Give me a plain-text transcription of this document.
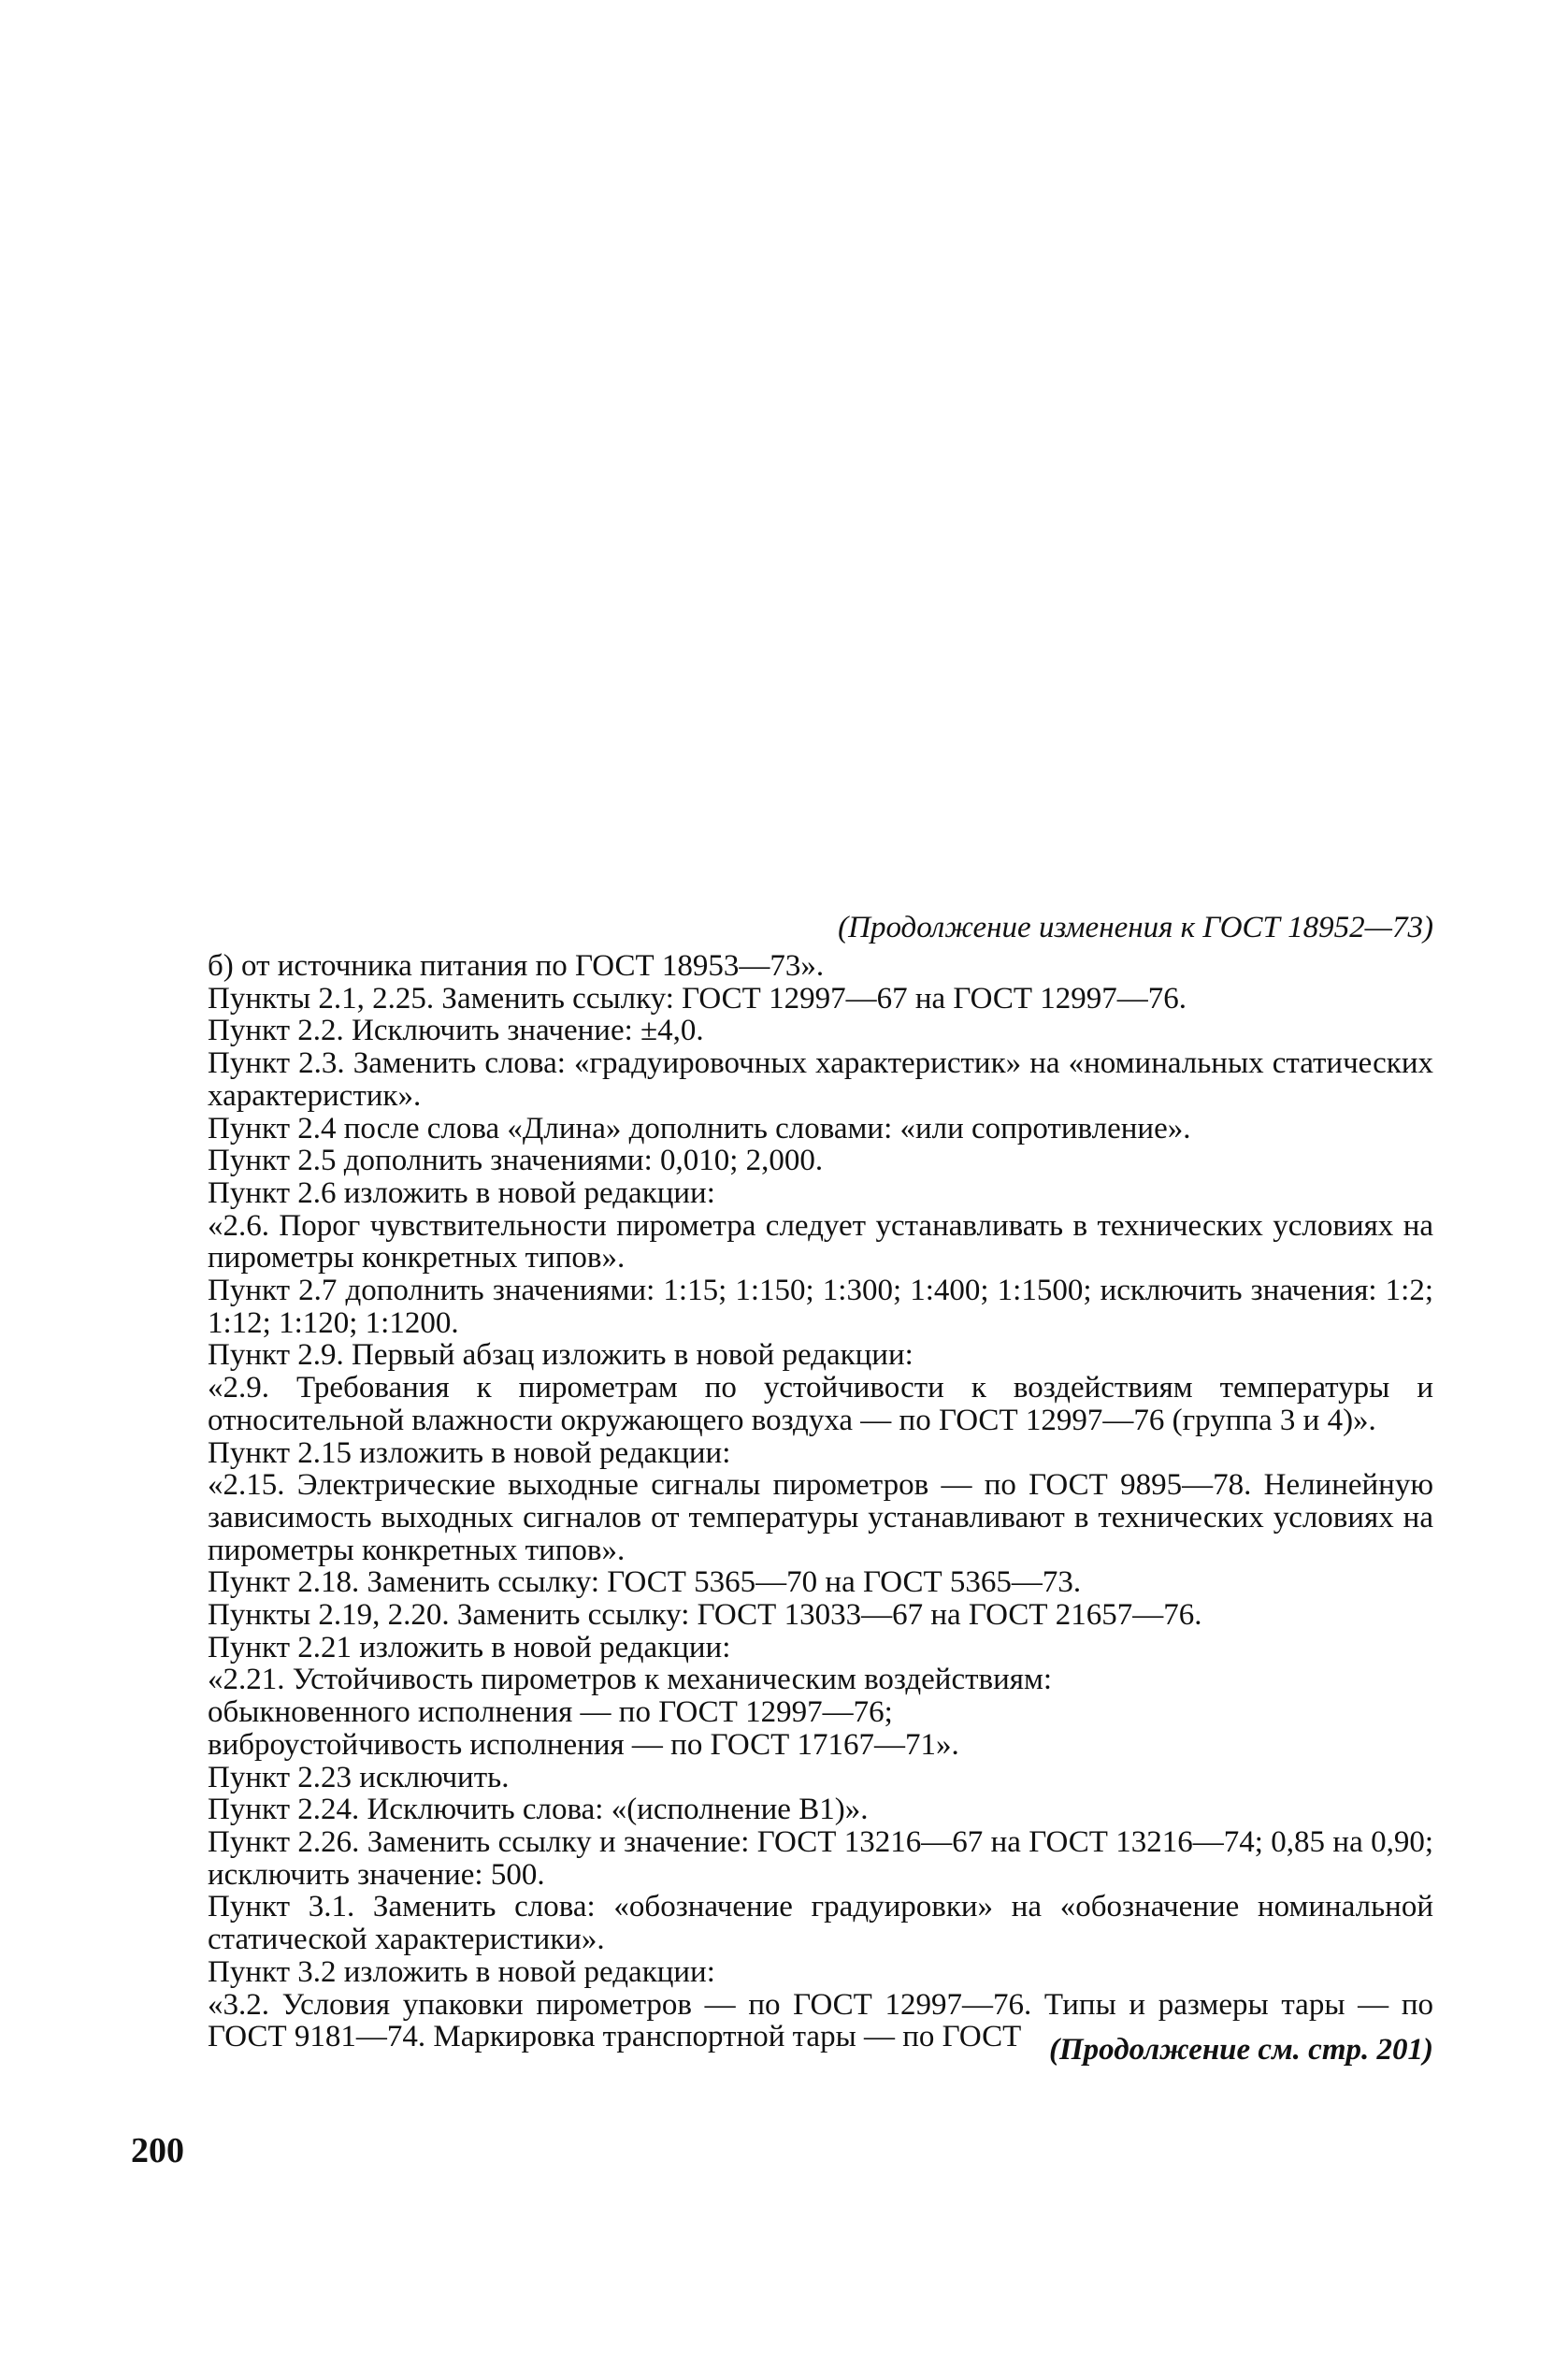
(Продолжение изменения к ГОСТ 18952—73)

б) от источника питания по ГОСТ 18953—73».

Пункты 2.1, 2.25. Заменить ссылку: ГОСТ 12997—67 на ГОСТ 12997—76.

Пункт 2.2. Исключить значение: ±4,0.

Пункт 2.3. Заменить слова: «градуировочных характеристик» на «номинальных статических характеристик».

Пункт 2.4 после слова «Длина» дополнить словами: «или сопротивление».

Пункт 2.5 дополнить значениями: 0,010; 2,000.

Пункт 2.6 изложить в новой редакции:

«2.6. Порог чувствительности пирометра следует устанавливать в технических условиях на пирометры конкретных типов».

Пункт 2.7 дополнить значениями: 1:15; 1:150; 1:300; 1:400; 1:1500; исключить значения: 1:2; 1:12; 1:120; 1:1200.

Пункт 2.9. Первый абзац изложить в новой редакции:

«2.9. Требования к пирометрам по устойчивости к воздействиям температуры и относительной влажности окружающего воздуха — по ГОСТ 12997—76 (группа 3 и 4)».

Пункт 2.15 изложить в новой редакции:

«2.15. Электрические выходные сигналы пирометров — по ГОСТ 9895—78. Нелинейную зависимость выходных сигналов от температуры устанавливают в технических условиях на пирометры конкретных типов».

Пункт 2.18. Заменить ссылку: ГОСТ 5365—70 на ГОСТ 5365—73.

Пункты 2.19, 2.20. Заменить ссылку: ГОСТ 13033—67 на ГОСТ 21657—76.

Пункт 2.21 изложить в новой редакции:

«2.21. Устойчивость пирометров к механическим воздействиям:

обыкновенного исполнения — по ГОСТ 12997—76;

виброустойчивость исполнения — по ГОСТ 17167—71».

Пункт 2.23 исключить.

Пункт 2.24. Исключить слова: «(исполнение В1)».

Пункт 2.26. Заменить ссылку и значение: ГОСТ 13216—67 на ГОСТ 13216—74; 0,85 на 0,90; исключить значение: 500.

Пункт 3.1. Заменить слова: «обозначение градуировки» на «обозначение номинальной статической характеристики».

Пункт 3.2 изложить в новой редакции:

«3.2. Условия упаковки пирометров — по ГОСТ 12997—76. Типы и размеры тары — по ГОСТ 9181—74. Маркировка транспортной тары — по ГОСТ (Продолжение см. стр. 201)
200
